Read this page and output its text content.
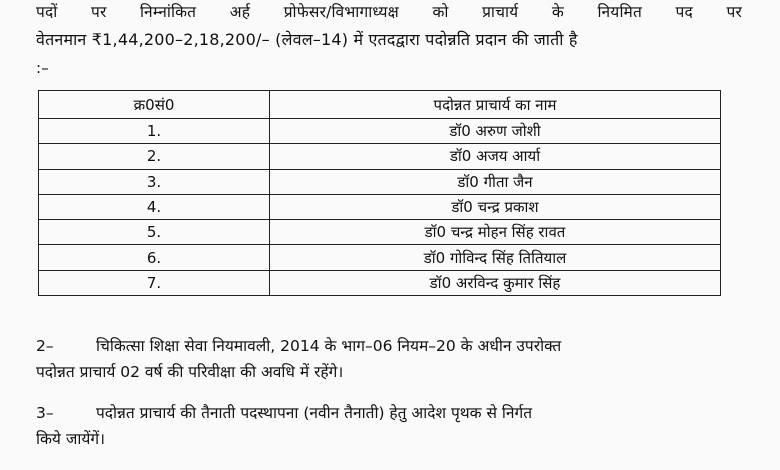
पदों पर निम्नांकित अर्ह प्रोफेसर/विभागाध्यक्ष को प्राचार्य के नियमित पद पर
वेतनमान ₹1,44,200–2,18,200/– (लेवल–14) में एतदद्वारा पदोन्नति प्रदान की जाती है
:–
क्र0सं0	पदोन्नत प्राचार्य का नाम
1.	डॉ0 अरुण जोशी
2.	डॉ0 अजय आर्या
3.	डॉ0 गीता जैन
4.	डॉ0 चन्द्र प्रकाश
5.	डॉ0 चन्द्र मोहन सिंह रावत
6.	डॉ0 गोविन्द सिंह तितियाल
7.	डॉ0 अरविन्द कुमार सिंह
2–	चिकित्सा शिक्षा सेवा नियमावली, 2014 के भाग–06 नियम–20 के अधीन उपरोक्त
पदोन्नत प्राचार्य 02 वर्ष की परिवीक्षा की अवधि में रहेंगे।
3–	पदोन्नत प्राचार्य की तैनाती पदस्थापना (नवीन तैनाती) हेतु आदेश पृथक से निर्गत
किये जायेंगें।
